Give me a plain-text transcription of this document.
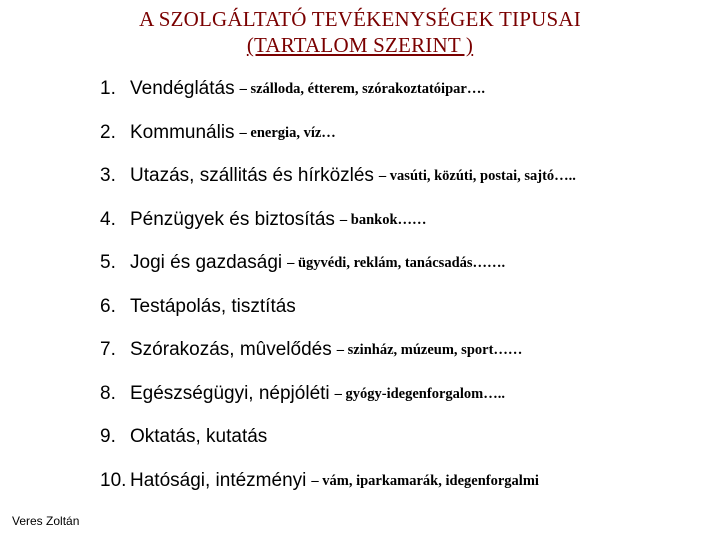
A SZOLGÁLTATÓ TEVÉKENYSÉGEK TIPUSAI
(TARTALOM SZERINT )
1. Vendéglátás – szálloda, étterem, szórakoztatóipar….
2. Kommunális – energia, víz…
3. Utazás, szállitás és hírközlés – vasúti, közúti, postai, sajtó…..
4. Pénzügyek és biztosítás – bankok……
5. Jogi és gazdasági – ügyvédi, reklám, tanácsadás…….
6. Testápolás, tisztítás
7. Szórakozás, mûvelődés – szinház, múzeum, sport……
8. Egészségügyi, népjóléti – gyógy-idegenforgalom…..
9. Oktatás, kutatás
10. Hatósági, intézményi – vám, iparkamarák, idegenforgalmi
Veres Zoltán
